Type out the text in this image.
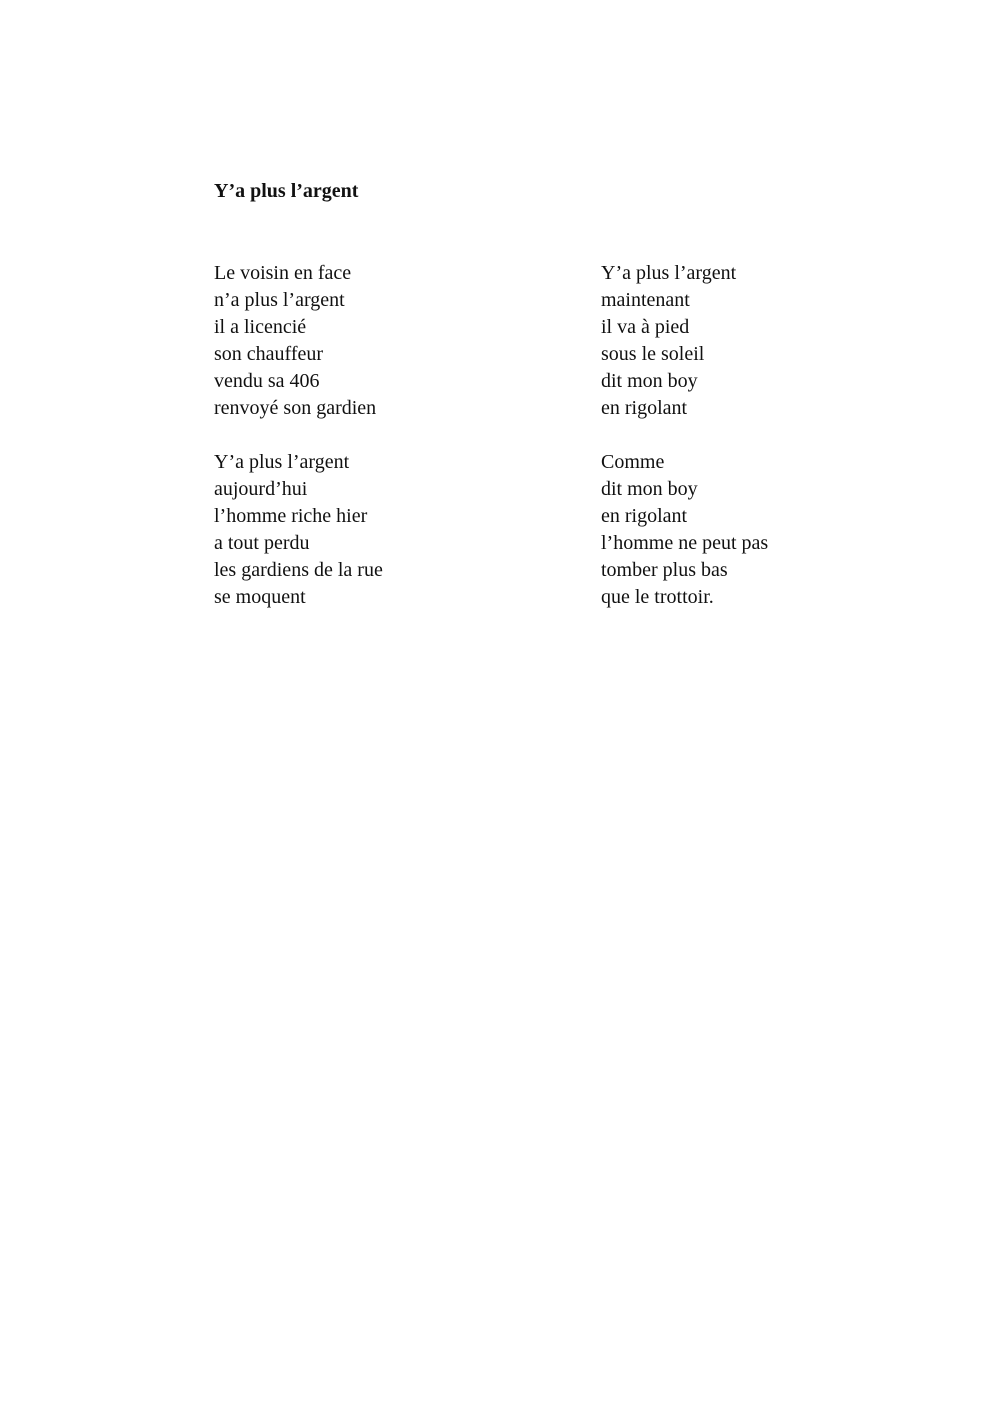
Y’a plus l’argent
Le voisin en face
n’a plus l’argent
il a licencié
son chauffeur
vendu sa 406
renvoyé son gardien
Y’a plus l’argent
aujourd’hui
l’homme riche hier
a tout perdu
les gardiens de la rue
se moquent
Y’a plus l’argent
maintenant
il va à pied
sous le soleil
dit mon boy
en rigolant
Comme
dit mon boy
en rigolant
l’homme ne peut pas
tomber plus bas
que le trottoir.
